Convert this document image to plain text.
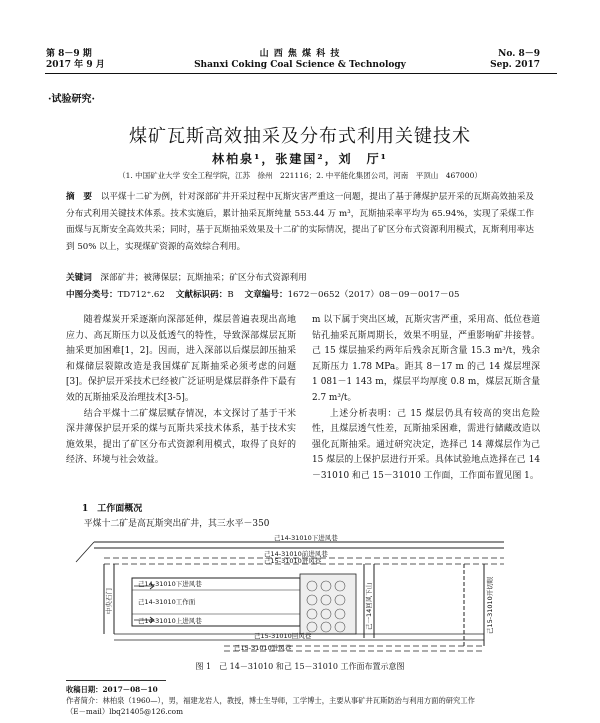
第 8－9 期
2017 年 9 月
山 西 焦 煤 科 技
Shanxi Coking Coal Science & Technology
No. 8－9
Sep. 2017
·试验研究·
煤矿瓦斯高效抽采及分布式利用关键技术
林柏泉¹，张建国²，刘　厅¹
（1. 中国矿业大学 安全工程学院，江苏　徐州　221116；2. 中平能化集团公司，河南　平顶山　467000）
摘　要　 以平煤十二矿为例，针对深部矿井开采过程中瓦斯灾害严重这一问题，提出了基于薄煤护层开采的瓦斯高效抽采及分布式利用关键技术体系。技术实施后，累计抽采瓦斯纯量 553.44 万 m³，瓦斯抽采率平均为 65.94%，实现了采煤工作面煤与瓦斯安全高效共采；同时，基于瓦斯抽采效果及十二矿的实际情况，提出了矿区分布式资源利用模式，瓦斯利用率达到 50% 以上，实现煤矿资源的高效综合利用。
关键词　 深部矿井；被薄保层；瓦斯抽采；矿区分布式资源利用
中图分类号：TD712⁺.62 文献标识码：B 文章编号：1672－0652（2017）08－09－0017－05

随着煤炭开采逐渐向深部延伸，煤层普遍表现出高地应力、高瓦斯压力以及低透气的特性，导致深部煤层瓦斯抽采更加困难[1，2]。因而，进入深部以后煤层卸压抽采和煤储层裂隙改造是我国煤矿瓦斯抽采必须考虑的问题[3]。保护层开采技术已经被广泛证明是煤层群条件下最有效的瓦斯抽采及治理技术[3-5]。

结合平煤十二矿煤层赋存情况，本文探讨了基于干米深井薄保护层开采的煤与瓦斯共采技术体系，基于技术实施效果，提出了矿区分布式资源利用模式，取得了良好的经济、环境与社会效益。

1　工作面概况
平煤十二矿是高瓦斯突出矿井，其三水平－350

m 以下属于突出区域，瓦斯灾害严重，采用高、低位巷道钻孔抽采瓦斯周期长，效果不明显，严重影响矿井接替。己 15 煤层抽采约两年后残余瓦斯含量 15.3 m³/t，残余瓦斯压力 1.78 MPa。距其 8－17 m 的己 14 煤层埋深 1 081－1 143 m，煤层平均厚度 0.8 m，煤层瓦斯含量 2.7 m³/t。

上述分析表明：己 15 煤层仍具有较高的突出危险性，且煤层透气性差，瓦斯抽采困难，需进行储藏改造以强化瓦斯抽采。通过研究决定，选择己 14 薄煤层作为己 15 煤层的上保护层进行开采。具体试验地点选择在己 14－31010 和己 15－31010 工作面，工作面布置见图 1。

己14-31010下进风巷
己14-31010前进风巷
己15-31010进风巷
己14-31010下进风巷
己14-31010工作面
己14-31010上进风巷
己15-31010回风巷
己15-31010进风巷
中央石门	己一14回风下山	己15-31010开切眼
图 1　己 14－31010 和己 15－31010 工作面布置示意图
收稿日期：2017－08－10
作者简介：林柏泉（1960—），男，福建龙岩人，教授，博士生导师，工学博士，主要从事矿井瓦斯防治与利用方面的研究工作
（E－mail）lbq21405@126.com
